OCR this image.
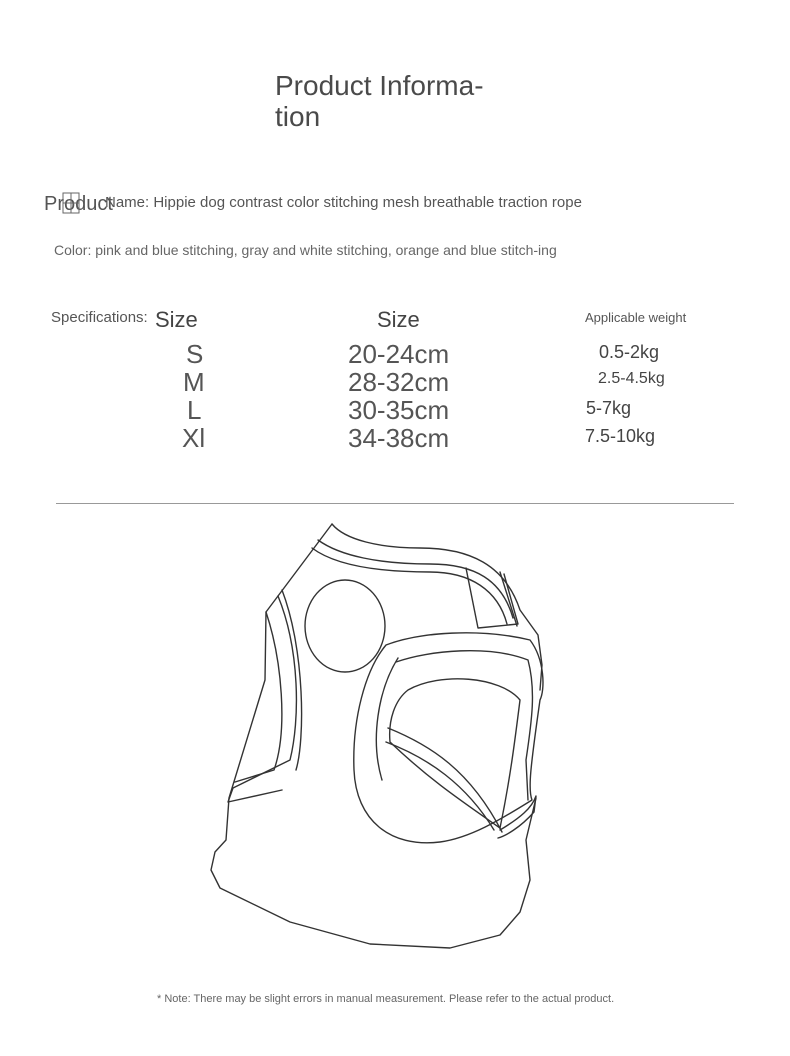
Product Informa-
tion
Product
Name: Hippie dog contrast color stitching mesh breathable traction rope
Color: pink and blue stitching, gray and white stitching, orange and blue stitch-ing
Specifications: Size	Size	Applicable weight
S
M
L
Xl
20-24cm
28-32cm
30-35cm
34-38cm
0.5-2kg
2.5-4.5kg
5-7kg
7.5-10kg
* Note: There may be slight errors in manual measurement. Please refer to the actual product.
